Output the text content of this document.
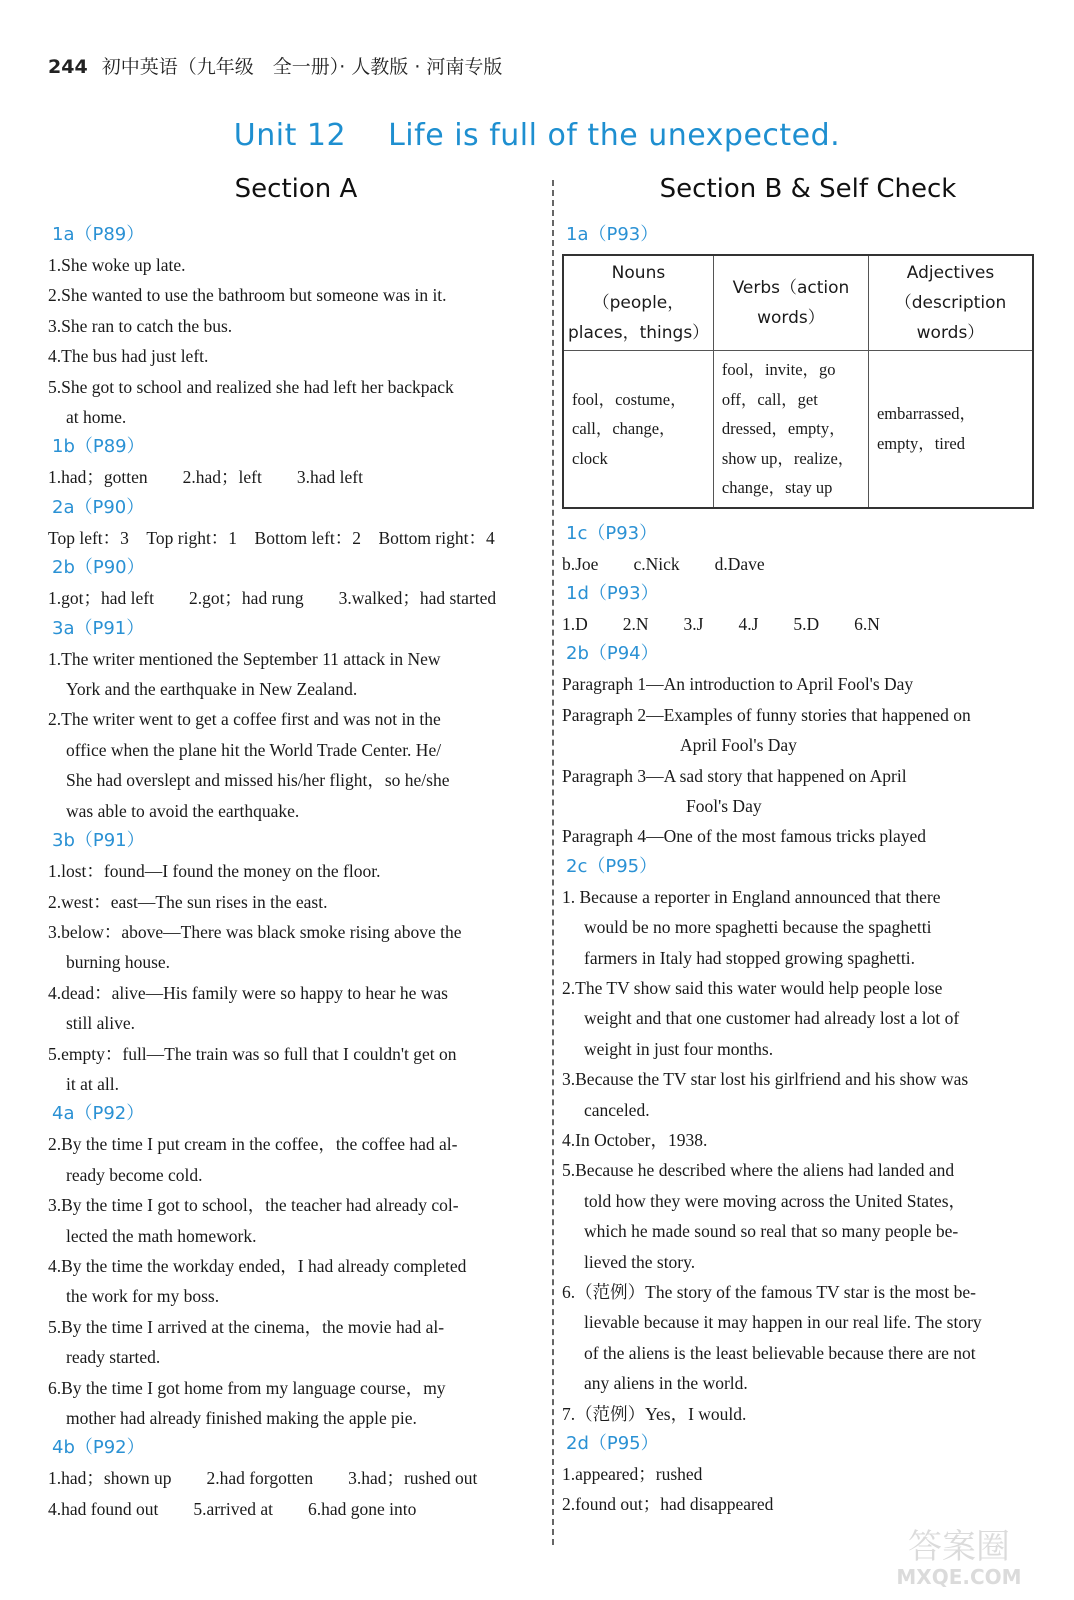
244 初中英语（九年级　全一册）· 人教版 · 河南专版
Unit 12 Life is full of the unexpected.
Section A
1a（P89）
1.She woke up late.
2.She wanted to use the bathroom but someone was in it.
3.She ran to catch the bus.
4.The bus had just left.
5.She got to school and realized she had left her backpack
at home.
1b（P89）
1.had；gotten　　2.had；left　　3.had left
2a（P90）
Top left：3　Top right：1　Bottom left：2　Bottom right：4
2b（P90）
1.got；had left　　2.got；had rung　　3.walked；had started
3a（P91）
1.The writer mentioned the September 11 attack in New
York and the earthquake in New Zealand.
2.The writer went to get a coffee first and was not in the
office when the plane hit the World Trade Center. He/
She had overslept and missed his/her flight，so he/she
was able to avoid the earthquake.
3b（P91）
1.lost：found—I found the money on the floor.
2.west：east—The sun rises in the east.
3.below：above—There was black smoke rising above the
burning house.
4.dead：alive—His family were so happy to hear he was
still alive.
5.empty：full—The train was so full that I couldn't get on
it at all.
4a（P92）
2.By the time I put cream in the coffee，the coffee had al-
ready become cold.
3.By the time I got to school，the teacher had already col-
lected the math homework.
4.By the time the workday ended，I had already completed
the work for my boss.
5.By the time I arrived at the cinema，the movie had al-
ready started.
6.By the time I got home from my language course，my
mother had already finished making the apple pie.
4b（P92）
1.had；shown up　　2.had forgotten　　3.had；rushed out
4.had found out　　5.arrived at　　6.had gone into
Section B & Self Check
1a（P93）
Nouns（people，places，things）	Verbs（action words）	Adjectives（description words）
fool，costume，call，change，clock	fool，invite，go off，call，get dressed，empty，show up，realize，change，stay up	embarrassed，empty，tired
1c（P93）
b.Joe　　c.Nick　　d.Dave
1d（P93）
1.D　　2.N　　3.J　　4.J　　5.D　　6.N
2b（P94）
Paragraph 1—An introduction to April Fool's Day
Paragraph 2—Examples of funny stories that happened on
April Fool's Day
Paragraph 3—A sad story that happened on April
Fool's Day
Paragraph 4—One of the most famous tricks played
2c（P95）
1. Because a reporter in England announced that there
would be no more spaghetti because the spaghetti
farmers in Italy had stopped growing spaghetti.
2.The TV show said this water would help people lose
weight and that one customer had already lost a lot of
weight in just four months.
3.Because the TV star lost his girlfriend and his show was
canceled.
4.In October，1938.
5.Because he described where the aliens had landed and
told how they were moving across the United States，
which he made sound so real that so many people be-
lieved the story.
6.（范例）The story of the famous TV star is the most be-
lievable because it may happen in our real life. The story
of the aliens is the least believable because there are not
any aliens in the world.
7.（范例）Yes，I would.
2d（P95）
1.appeared；rushed
2.found out；had disappeared
答案圈
MXQE.COM
